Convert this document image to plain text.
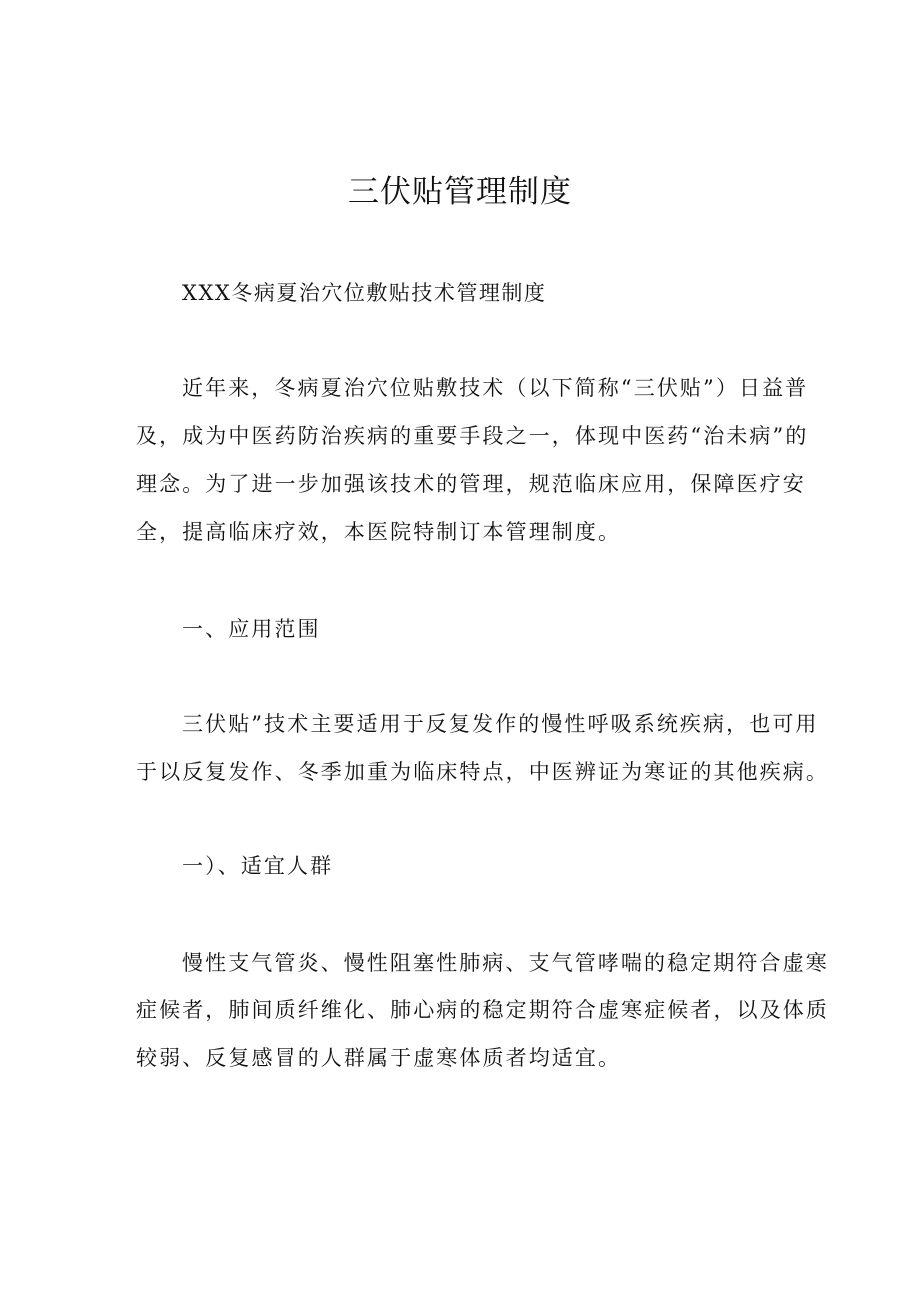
三伏贴管理制度
XXX冬病夏治穴位敷贴技术管理制度
近年来，冬病夏治穴位贴敷技术（以下简称“三伏贴”）日益普
及，成为中医药防治疾病的重要手段之一，体现中医药“治未病”的
理念。为了进一步加强该技术的管理，规范临床应用，保障医疗安
全，提高临床疗效，本医院特制订本管理制度。
一、应用范围
三伏贴”技术主要适用于反复发作的慢性呼吸系统疾病，也可用
于以反复发作、冬季加重为临床特点，中医辨证为寒证的其他疾病。
一）、适宜人群
慢性支气管炎、慢性阻塞性肺病、支气管哮喘的稳定期符合虚寒
症候者，肺间质纤维化、肺心病的稳定期符合虚寒症候者，以及体质
较弱、反复感冒的人群属于虚寒体质者均适宜。
